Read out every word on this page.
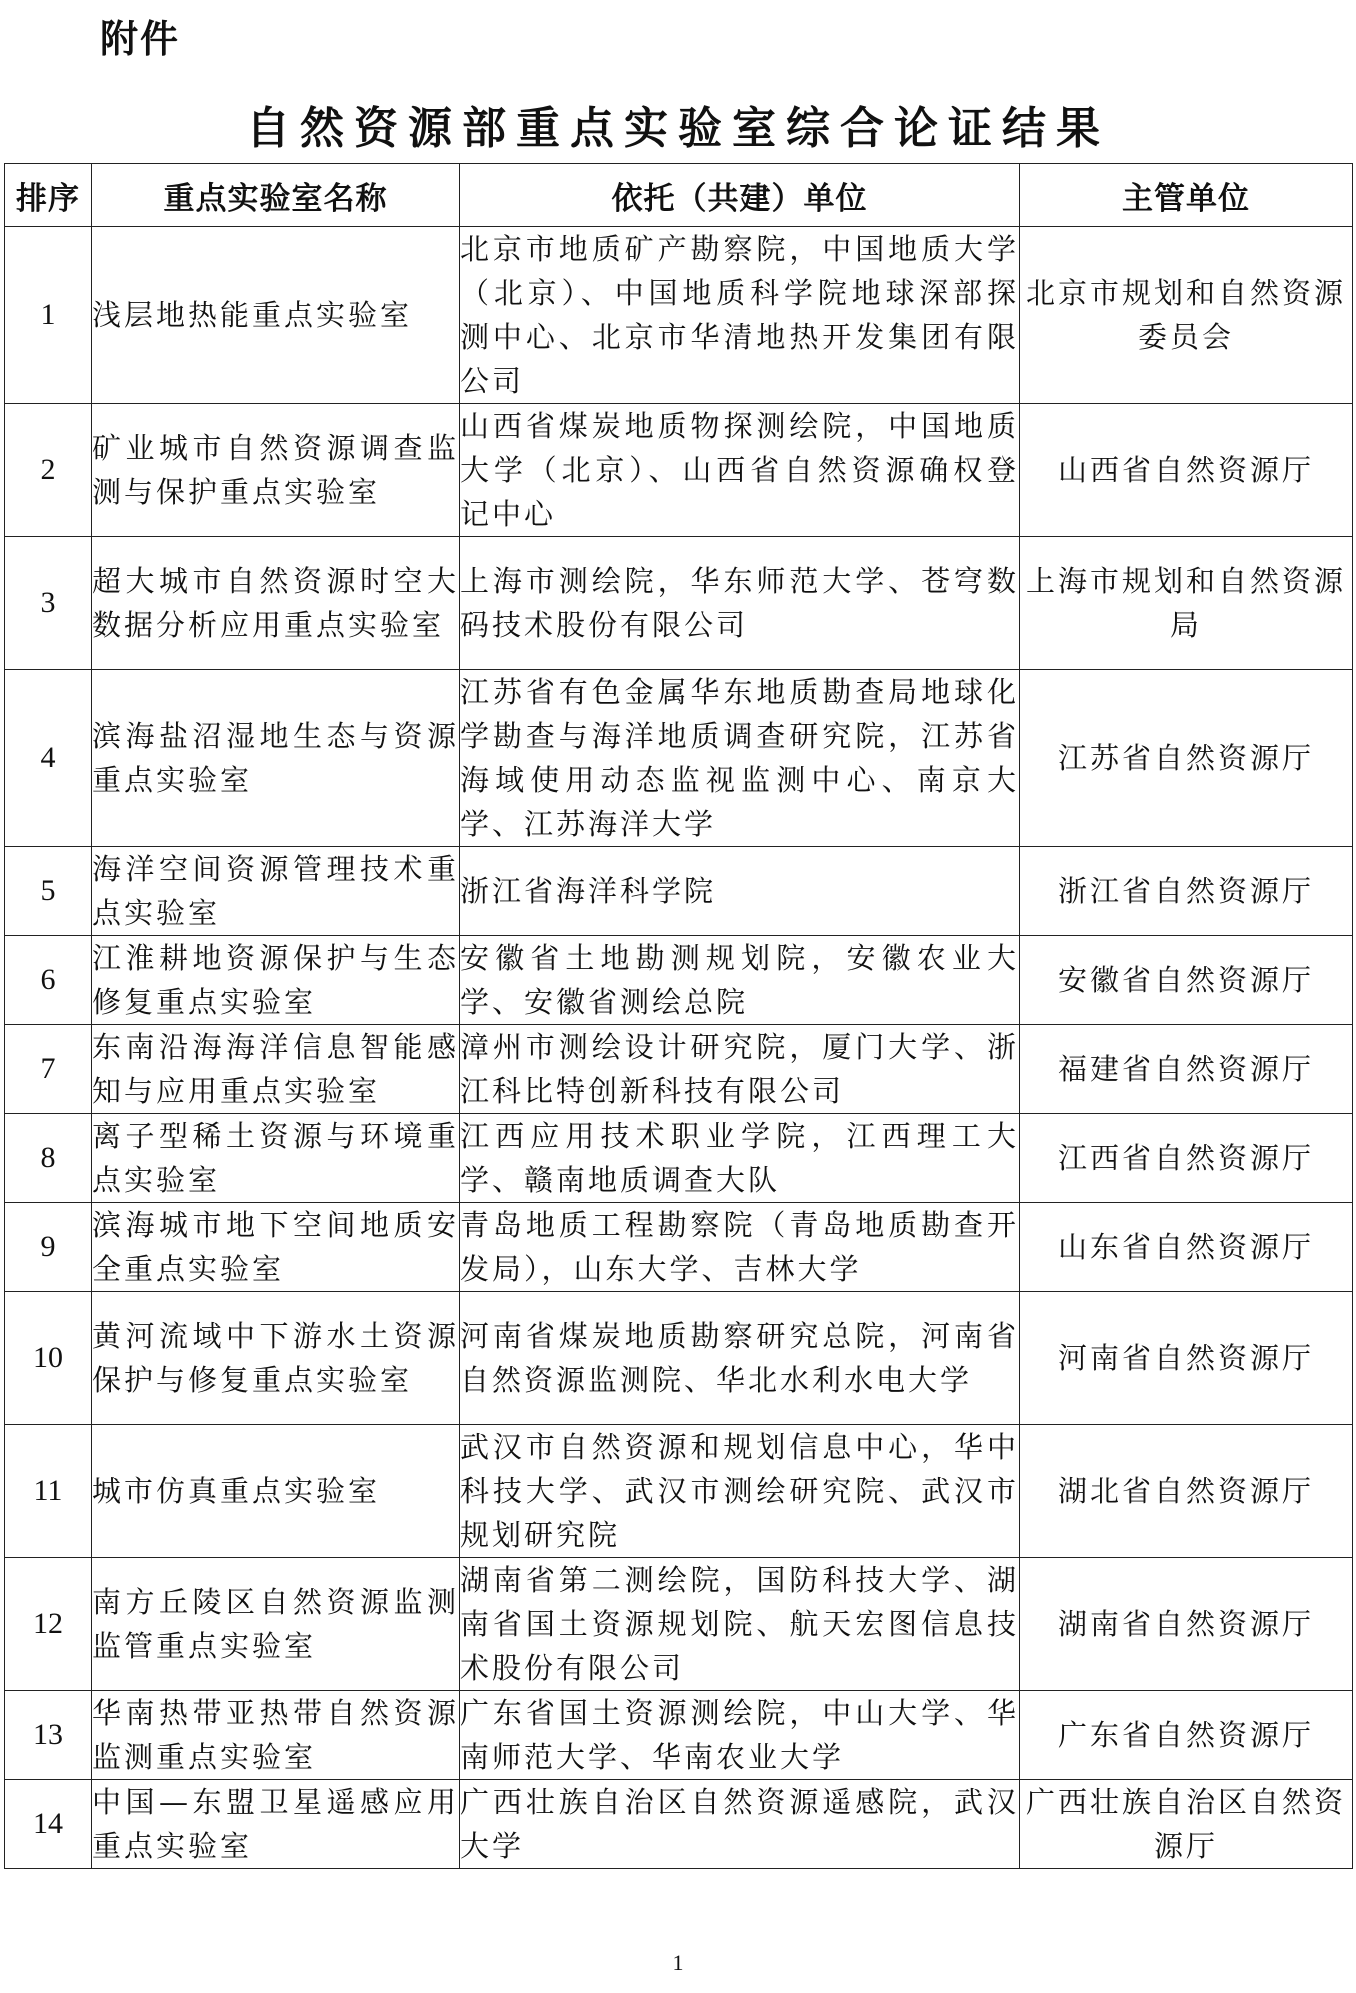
附件
自然资源部重点实验室综合论证结果
排序	重点实验室名称	依托（共建）单位	主管单位
1	浅层地热能重点实验室	北京市地质矿产勘察院，中国地质大学（北京）、中国地质科学院地球深部探测中心、北京市华清地热开发集团有限公司	北京市规划和自然资源委员会
2	矿业城市自然资源调查监测与保护重点实验室	山西省煤炭地质物探测绘院，中国地质大学（北京）、山西省自然资源确权登记中心	山西省自然资源厅
3	超大城市自然资源时空大数据分析应用重点实验室	上海市测绘院，华东师范大学、苍穹数码技术股份有限公司	上海市规划和自然资源局
4	滨海盐沼湿地生态与资源重点实验室	江苏省有色金属华东地质勘查局地球化学勘查与海洋地质调查研究院，江苏省海域使用动态监视监测中心、南京大学、江苏海洋大学	江苏省自然资源厅
5	海洋空间资源管理技术重点实验室	浙江省海洋科学院	浙江省自然资源厅
6	江淮耕地资源保护与生态修复重点实验室	安徽省土地勘测规划院，安徽农业大学、安徽省测绘总院	安徽省自然资源厅
7	东南沿海海洋信息智能感知与应用重点实验室	漳州市测绘设计研究院，厦门大学、浙江科比特创新科技有限公司	福建省自然资源厅
8	离子型稀土资源与环境重点实验室	江西应用技术职业学院，江西理工大学、赣南地质调查大队	江西省自然资源厅
9	滨海城市地下空间地质安全重点实验室	青岛地质工程勘察院（青岛地质勘查开发局），山东大学、吉林大学	山东省自然资源厅
10	黄河流域中下游水土资源保护与修复重点实验室	河南省煤炭地质勘察研究总院，河南省自然资源监测院、华北水利水电大学	河南省自然资源厅
11	城市仿真重点实验室	武汉市自然资源和规划信息中心，华中科技大学、武汉市测绘研究院、武汉市规划研究院	湖北省自然资源厅
12	南方丘陵区自然资源监测监管重点实验室	湖南省第二测绘院，国防科技大学、湖南省国土资源规划院、航天宏图信息技术股份有限公司	湖南省自然资源厅
13	华南热带亚热带自然资源监测重点实验室	广东省国土资源测绘院，中山大学、华南师范大学、华南农业大学	广东省自然资源厅
14	中国—东盟卫星遥感应用重点实验室	广西壮族自治区自然资源遥感院，武汉大学	广西壮族自治区自然资源厅
1
